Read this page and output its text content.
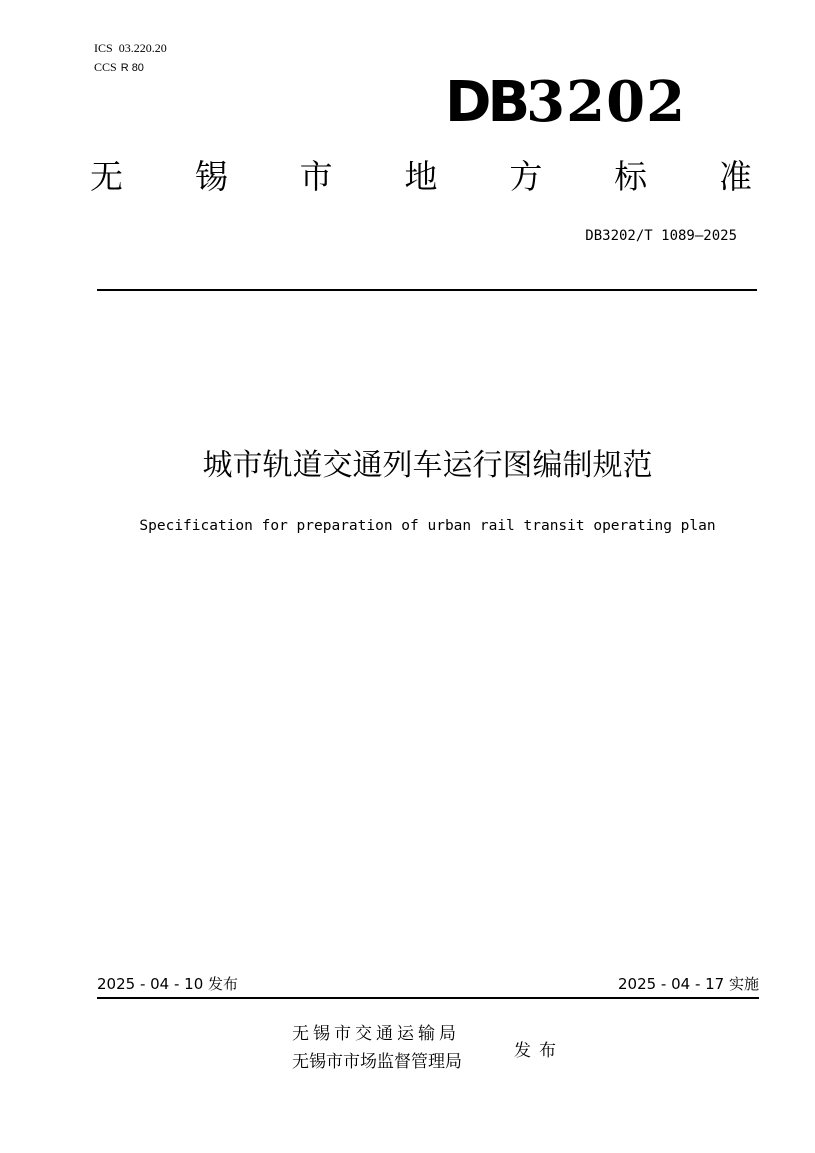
ICS 03.220.20
CCS R 80
DB3202
无 锡 市 地 方 标 准
DB3202/T 1089—2025
城市轨道交通列车运行图编制规范
Specification for preparation of urban rail transit operating plan
2025 - 04 - 10 发布	2025 - 04 - 17 实施
无锡市交通运输局
无锡市市场监督管理局
发布
